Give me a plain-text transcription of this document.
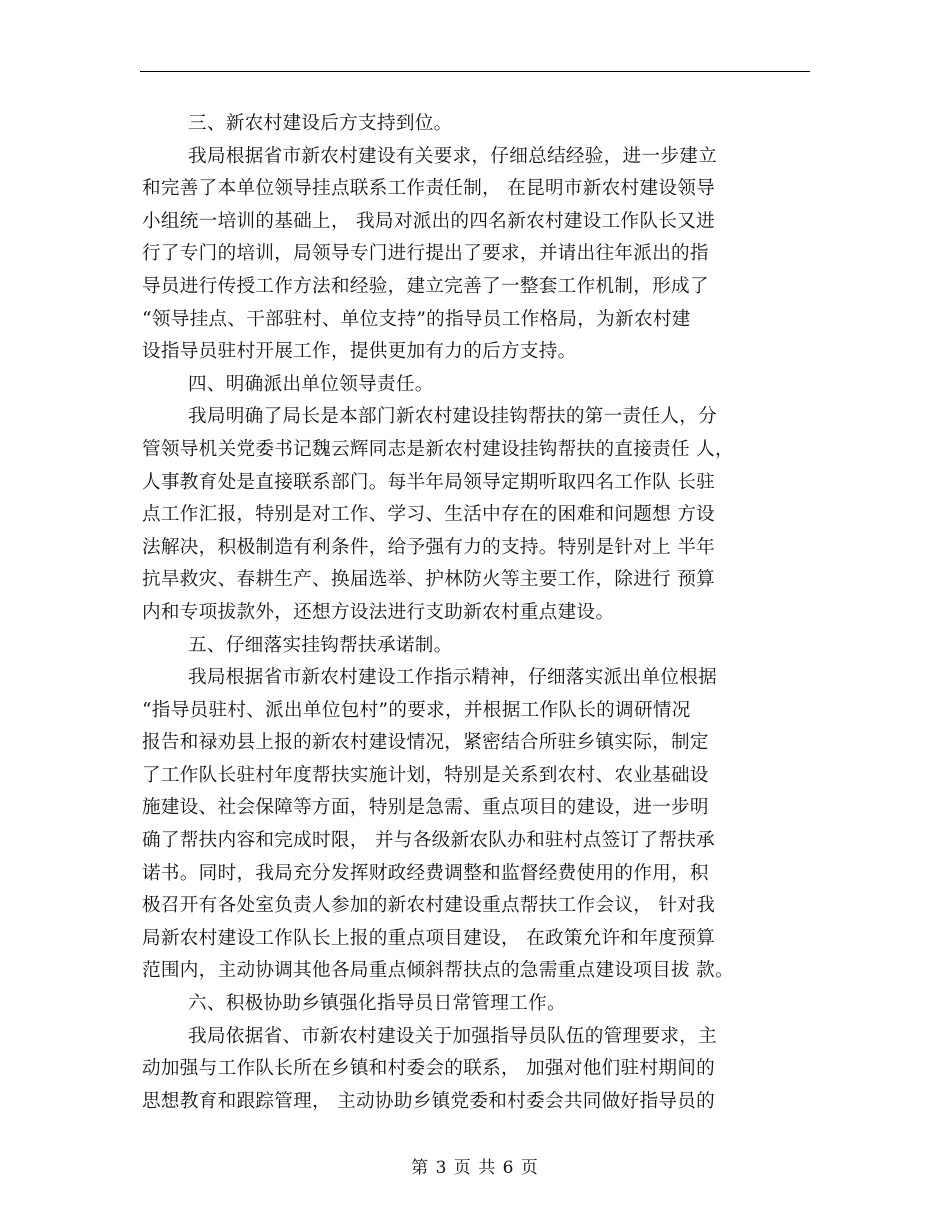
三、新农村建设后方支持到位。
我局根据省市新农村建设有关要求，仔细总结经验，进一步建立
和完善了本单位领导挂点联系工作责任制， 在昆明市新农村建设领导
小组统一培训的基础上， 我局对派出的四名新农村建设工作队长又进
行了专门的培训，局领导专门进行提出了要求，并请出往年派出的指
导员进行传授工作方法和经验，建立完善了一整套工作机制，形成了
“领导挂点、干部驻村、单位支持”的指导员工作格局，为新农村建
设指导员驻村开展工作，提供更加有力的后方支持。
四、明确派出单位领导责任。
我局明确了局长是本部门新农村建设挂钩帮扶的第一责任人，分
管领导机关党委书记魏云辉同志是新农村建设挂钩帮扶的直接责任 人，
人事教育处是直接联系部门。每半年局领导定期听取四名工作队 长驻
点工作汇报，特别是对工作、学习、生活中存在的困难和问题想 方设
法解决，积极制造有利条件，给予强有力的支持。特别是针对上 半年
抗旱救灾、春耕生产、换届选举、护林防火等主要工作，除进行 预算
内和专项拔款外，还想方设法进行支助新农村重点建设。
五、仔细落实挂钩帮扶承诺制。
我局根据省市新农村建设工作指示精神，仔细落实派出单位根据
“指导员驻村、派出单位包村”的要求，并根据工作队长的调研情况
报告和禄劝县上报的新农村建设情况，紧密结合所驻乡镇实际，制定
了工作队长驻村年度帮扶实施计划，特别是关系到农村、农业基础设
施建设、社会保障等方面，特别是急需、重点项目的建设，进一步明
确了帮扶内容和完成时限， 并与各级新农队办和驻村点签订了帮扶承
诺书。同时，我局充分发挥财政经费调整和监督经费使用的作用，积
极召开有各处室负责人参加的新农村建设重点帮扶工作会议， 针对我
局新农村建设工作队长上报的重点项目建设， 在政策允许和年度预算
范围内，主动协调其他各局重点倾斜帮扶点的急需重点建设项目拔 款。
六、积极协助乡镇强化指导员日常管理工作。
我局依据省、市新农村建设关于加强指导员队伍的管理要求，主
动加强与工作队长所在乡镇和村委会的联系， 加强对他们驻村期间的
思想教育和跟踪管理， 主动协助乡镇党委和村委会共同做好指导员的
第 3 页 共 6 页
